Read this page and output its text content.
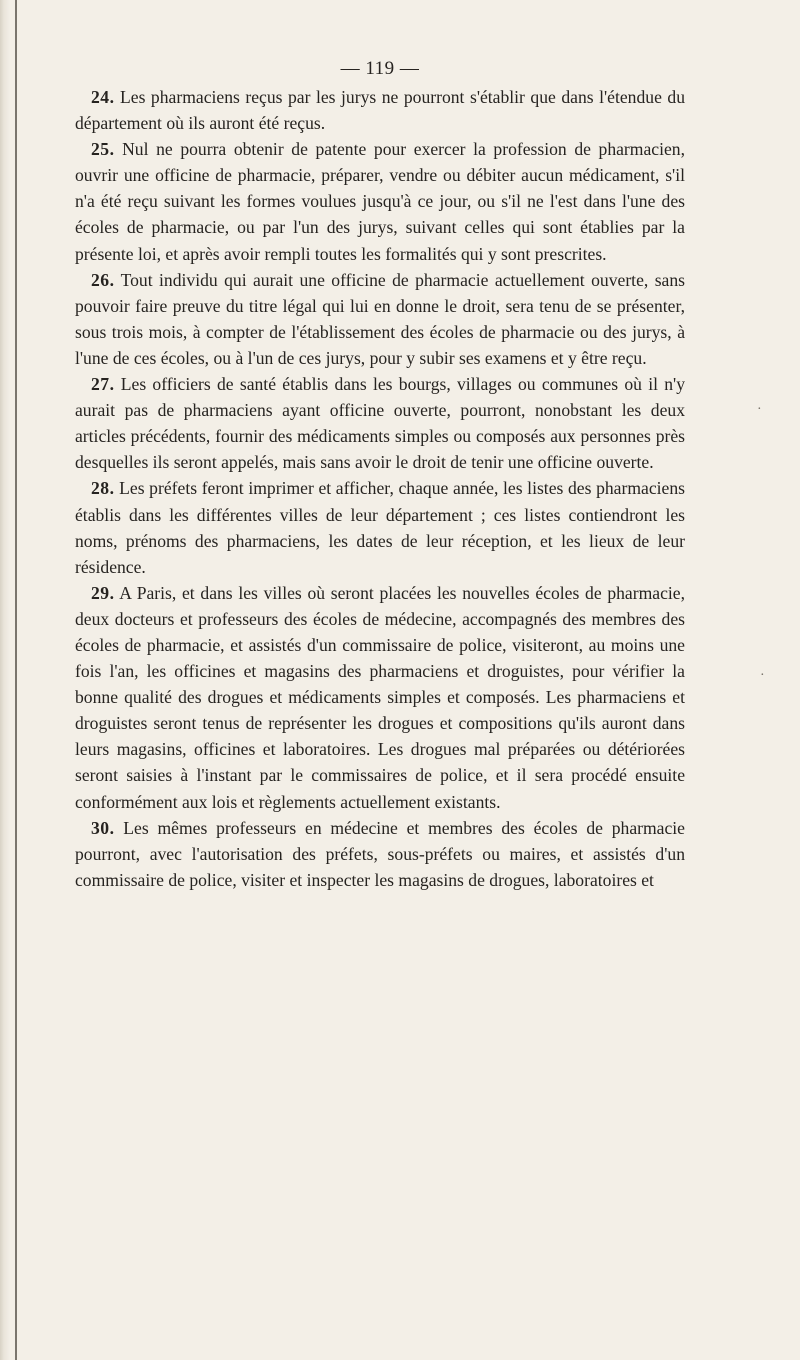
— 119 —

24. Les pharmaciens reçus par les jurys ne pourront s'établir que dans l'étendue du département où ils auront été reçus.

25. Nul ne pourra obtenir de patente pour exercer la profession de pharmacien, ouvrir une officine de pharmacie, préparer, vendre ou débiter aucun médicament, s'il n'a été reçu suivant les formes voulues jusqu'à ce jour, ou s'il ne l'est dans l'une des écoles de pharmacie, ou par l'un des jurys, suivant celles qui sont établies par la présente loi, et après avoir rempli toutes les formalités qui y sont prescrites.

26. Tout individu qui aurait une officine de pharmacie actuellement ouverte, sans pouvoir faire preuve du titre légal qui lui en donne le droit, sera tenu de se présenter, sous trois mois, à compter de l'établissement des écoles de pharmacie ou des jurys, à l'une de ces écoles, ou à l'un de ces jurys, pour y subir ses examens et y être reçu.

27. Les officiers de santé établis dans les bourgs, villages ou communes où il n'y aurait pas de pharmaciens ayant officine ouverte, pourront, nonobstant les deux articles précédents, fournir des médicaments simples ou composés aux personnes près desquelles ils seront appelés, mais sans avoir le droit de tenir une officine ouverte.

28. Les préfets feront imprimer et afficher, chaque année, les listes des pharmaciens établis dans les différentes villes de leur département ; ces listes contiendront les noms, prénoms des pharmaciens, les dates de leur réception, et les lieux de leur résidence.

29. A Paris, et dans les villes où seront placées les nouvelles écoles de pharmacie, deux docteurs et professeurs des écoles de médecine, accompagnés des membres des écoles de pharmacie, et assistés d'un commissaire de police, visiteront, au moins une fois l'an, les officines et magasins des pharmaciens et droguistes, pour vérifier la bonne qualité des drogues et médicaments simples et composés. Les pharmaciens et droguistes seront tenus de représenter les drogues et compositions qu'ils auront dans leurs magasins, officines et laboratoires. Les drogues mal préparées ou détériorées seront saisies à l'instant par le commissaires de police, et il sera procédé ensuite conformément aux lois et règlements actuellement existants.

30. Les mêmes professeurs en médecine et membres des écoles de pharmacie pourront, avec l'autorisation des préfets, sous-préfets ou maires, et assistés d'un commissaire de police, visiter et inspecter les magasins de drogues, laboratoires et

·
·
